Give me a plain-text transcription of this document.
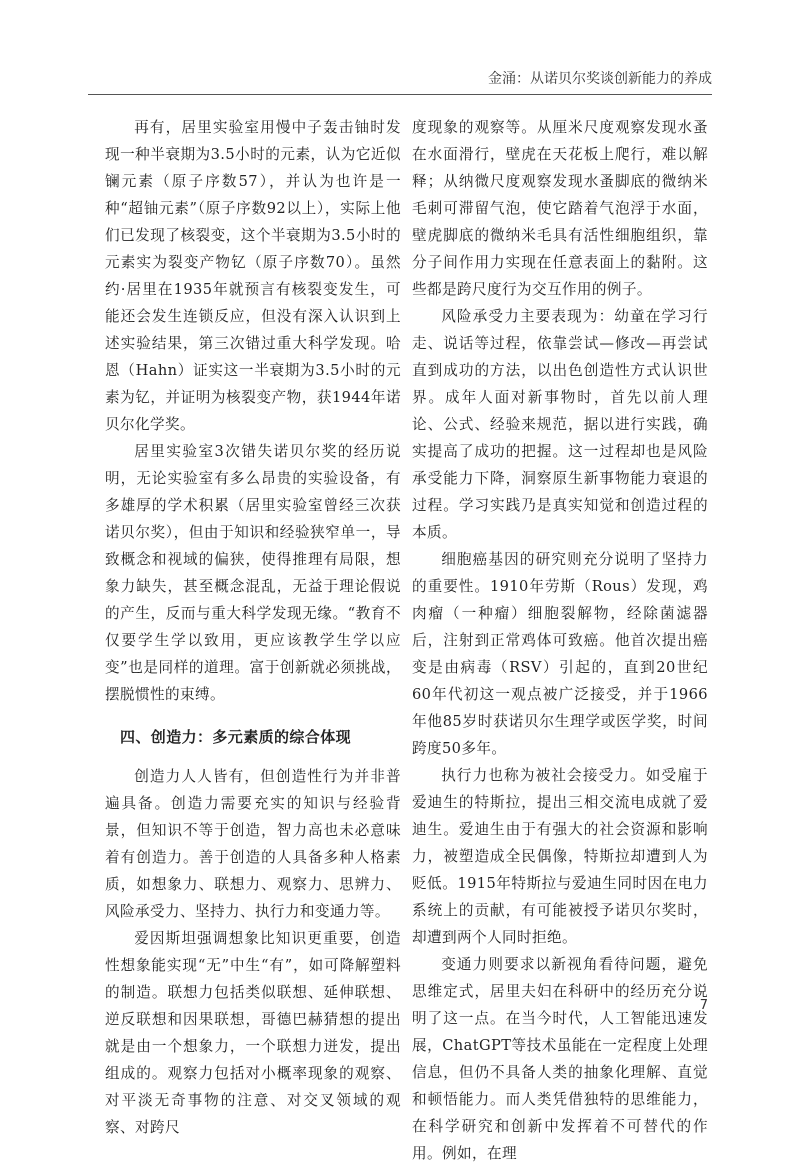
金涌：从诺贝尔奖谈创新能力的养成

再有，居里实验室用慢中子轰击铀时发现一种半衰期为3.5小时的元素，认为它近似镧元素（原子序数57），并认为也许是一种“超铀元素”（原子序数92以上），实际上他们已发现了核裂变，这个半衰期为3.5小时的元素实为裂变产物钇（原子序数70）。虽然约·居里在1935年就预言有核裂变发生，可能还会发生连锁反应，但没有深入认识到上述实验结果，第三次错过重大科学发现。哈恩（Hahn）证实这一半衰期为3.5小时的元素为钇，并证明为核裂变产物，获1944年诺贝尔化学奖。

居里实验室3次错失诺贝尔奖的经历说明，无论实验室有多么昂贵的实验设备，有多雄厚的学术积累（居里实验室曾经三次获诺贝尔奖），但由于知识和经验狭窄单一，导致概念和视域的偏狭，使得推理有局限，想象力缺失，甚至概念混乱，无益于理论假说的产生，反而与重大科学发现无缘。“教育不仅要学生学以致用，更应该教学生学以应变”也是同样的道理。富于创新就必须挑战，摆脱惯性的束缚。

四、创造力：多元素质的综合体现

创造力人人皆有，但创造性行为并非普遍具备。创造力需要充实的知识与经验背景，但知识不等于创造，智力高也未必意味着有创造力。善于创造的人具备多种人格素质，如想象力、联想力、观察力、思辨力、风险承受力、坚持力、执行力和变通力等。

爱因斯坦强调想象比知识更重要，创造性想象能实现“无”中生“有”，如可降解塑料的制造。联想力包括类似联想、延伸联想、逆反联想和因果联想，哥德巴赫猜想的提出就是由一个想象力，一个联想力迸发，提出组成的。观察力包括对小概率现象的观察、对平淡无奇事物的注意、对交叉领域的观察、对跨尺

度现象的观察等。从厘米尺度观察发现水蚤在水面滑行，壁虎在天花板上爬行，难以解释；从纳微尺度观察发现水蚤脚底的微纳米毛刺可滞留气泡，使它踏着气泡浮于水面，壁虎脚底的微纳米毛具有活性细胞组织，靠分子间作用力实现在任意表面上的黏附。这些都是跨尺度行为交互作用的例子。

风险承受力主要表现为：幼童在学习行走、说话等过程，依靠尝试—修改—再尝试直到成功的方法，以出色创造性方式认识世界。成年人面对新事物时，首先以前人理论、公式、经验来规范，据以进行实践，确实提高了成功的把握。这一过程却也是风险承受能力下降，洞察原生新事物能力衰退的过程。学习实践乃是真实知觉和创造过程的本质。

细胞癌基因的研究则充分说明了坚持力的重要性。1910年劳斯（Rous）发现，鸡肉瘤（一种瘤）细胞裂解物，经除菌滤器后，注射到正常鸡体可致癌。他首次提出癌变是由病毒（RSV）引起的，直到20世纪60年代初这一观点被广泛接受，并于1966年他85岁时获诺贝尔生理学或医学奖，时间跨度50多年。

执行力也称为被社会接受力。如受雇于爱迪生的特斯拉，提出三相交流电成就了爱迪生。爱迪生由于有强大的社会资源和影响力，被塑造成全民偶像，特斯拉却遭到人为贬低。1915年特斯拉与爱迪生同时因在电力系统上的贡献，有可能被授予诺贝尔奖时，却遭到两个人同时拒绝。

变通力则要求以新视角看待问题，避免思维定式，居里夫妇在科研中的经历充分说明了这一点。在当今时代，人工智能迅速发展，ChatGPT等技术虽能在一定程度上处理信息，但仍不具备人类的抽象化理解、直觉和顿悟能力。而人类凭借独特的思维能力，在科学研究和创新中发挥着不可替代的作用。例如，在理

7
